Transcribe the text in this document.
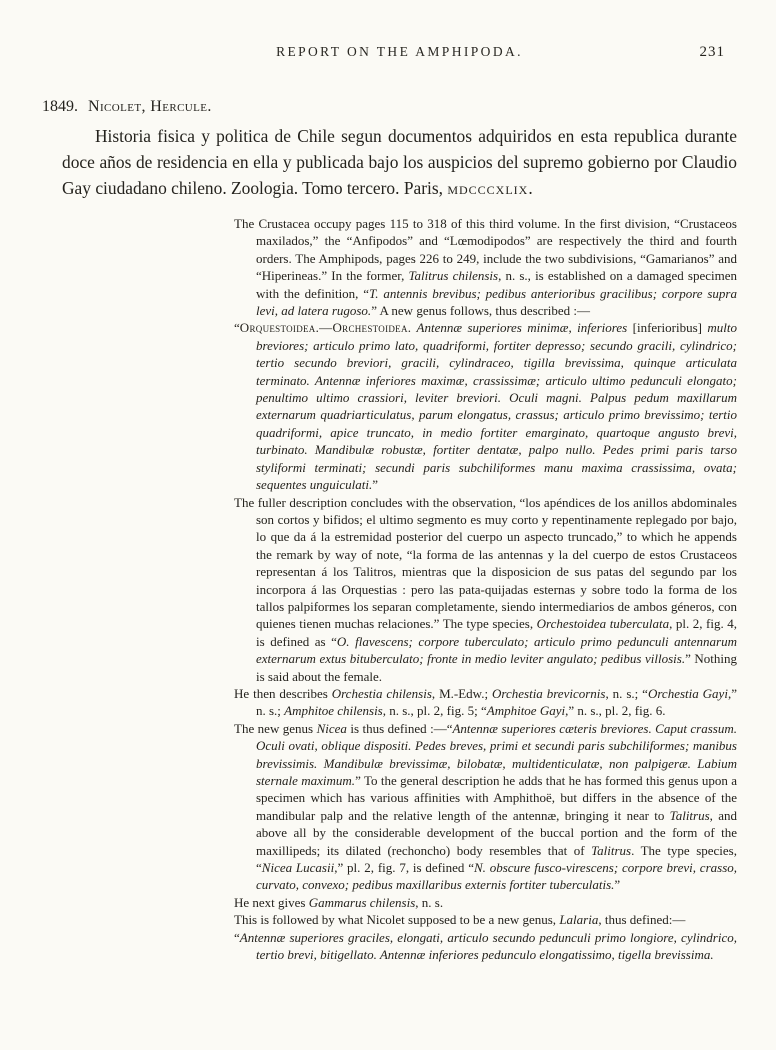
REPORT ON THE AMPHIPODA.	231
1849. Nicolet, Hercule.

Historia fisica y politica de Chile segun documentos adquiridos en esta republica durante doce años de residencia en ella y publicada bajo los auspicios del supremo gobierno por Claudio Gay ciudadano chileno. Zoologia. Tomo tercero. Paris, mdcccxlix.

The Crustacea occupy pages 115 to 318 of this third volume. In the first division, “Crustaceos maxilados,” the “Anfipodos” and “Lœmodipodos” are respectively the third and fourth orders. The Amphipods, pages 226 to 249, include the two subdivisions, “Gamarianos” and “Hiperineas.” In the former, Talitrus chilensis, n. s., is established on a damaged specimen with the definition, “T. antennis brevibus; pedibus anterioribus gracilibus; corpore supra levi, ad latera rugoso.” A new genus follows, thus described :—

“Orquestoidea.—Orchestoidea. Antennæ superiores minimæ, inferiores [inferioribus] multo breviores; articulo primo lato, quadriformi, fortiter depresso; secundo gracili, cylindrico; tertio secundo breviori, gracili, cylindraceo, tigilla brevissima, quinque articulata terminato. Antennæ inferiores maximæ, crassissimæ; articulo ultimo pedunculi elongato; penultimo ultimo crassiori, leviter breviori. Oculi magni. Palpus pedum maxillarum externarum quadriarticulatus, parum elongatus, crassus; articulo primo brevissimo; tertio quadriformi, apice truncato, in medio fortiter emarginato, quartoque angusto brevi, turbinato. Mandibulæ robustæ, fortiter dentatæ, palpo nullo. Pedes primi paris tarso styliformi terminati; secundi paris subchiliformes manu maxima crassissima, ovata; sequentes unguiculati.”

The fuller description concludes with the observation, “los apéndices de los anillos abdominales son cortos y bifidos; el ultimo segmento es muy corto y repentinamente replegado por bajo, lo que da á la estremidad posterior del cuerpo un aspecto truncado,” to which he appends the remark by way of note, “la forma de las antennas y la del cuerpo de estos Crustaceos representan á los Talitros, mientras que la disposicion de sus patas del segundo par los incorpora á las Orquestias : pero las pata-quijadas esternas y sobre todo la forma de los tallos palpiformes los separan completamente, siendo intermediarios de ambos géneros, con quienes tienen muchas relaciones.” The type species, Orchestoidea tuberculata, pl. 2, fig. 4, is defined as “O. flavescens; corpore tuberculato; articulo primo pedunculi antennarum externarum extus bituberculato; fronte in medio leviter angulato; pedibus villosis.” Nothing is said about the female.

He then describes Orchestia chilensis, M.-Edw.; Orchestia brevicornis, n. s.; “Orchestia Gayi,” n. s.; Amphitoe chilensis, n. s., pl. 2, fig. 5; “Amphitoe Gayi,” n. s., pl. 2, fig. 6.

The new genus Nicea is thus defined :—“Antennæ superiores cæteris breviores. Caput crassum. Oculi ovati, oblique dispositi. Pedes breves, primi et secundi paris subchiliformes; manibus brevissimis. Mandibulæ brevissimæ, bilobatæ, multidenticulatæ, non palpigeræ. Labium sternale maximum.” To the general description he adds that he has formed this genus upon a specimen which has various affinities with Amphithoë, but differs in the absence of the mandibular palp and the relative length of the antennæ, bringing it near to Talitrus, and above all by the considerable development of the buccal portion and the form of the maxillipeds; its dilated (rechoncho) body resembles that of Talitrus. The type species, “Nicea Lucasii,” pl. 2, fig. 7, is defined “N. obscure fusco-virescens; corpore brevi, crasso, curvato, convexo; pedibus maxillaribus externis fortiter tuberculatis.”

He next gives Gammarus chilensis, n. s.

This is followed by what Nicolet supposed to be a new genus, Lalaria, thus defined:—

“Antennæ superiores graciles, elongati, articulo secundo pedunculi primo longiore, cylindrico, tertio brevi, bitigellato. Antennæ inferiores pedunculo elongatissimo, tigella brevissima.
